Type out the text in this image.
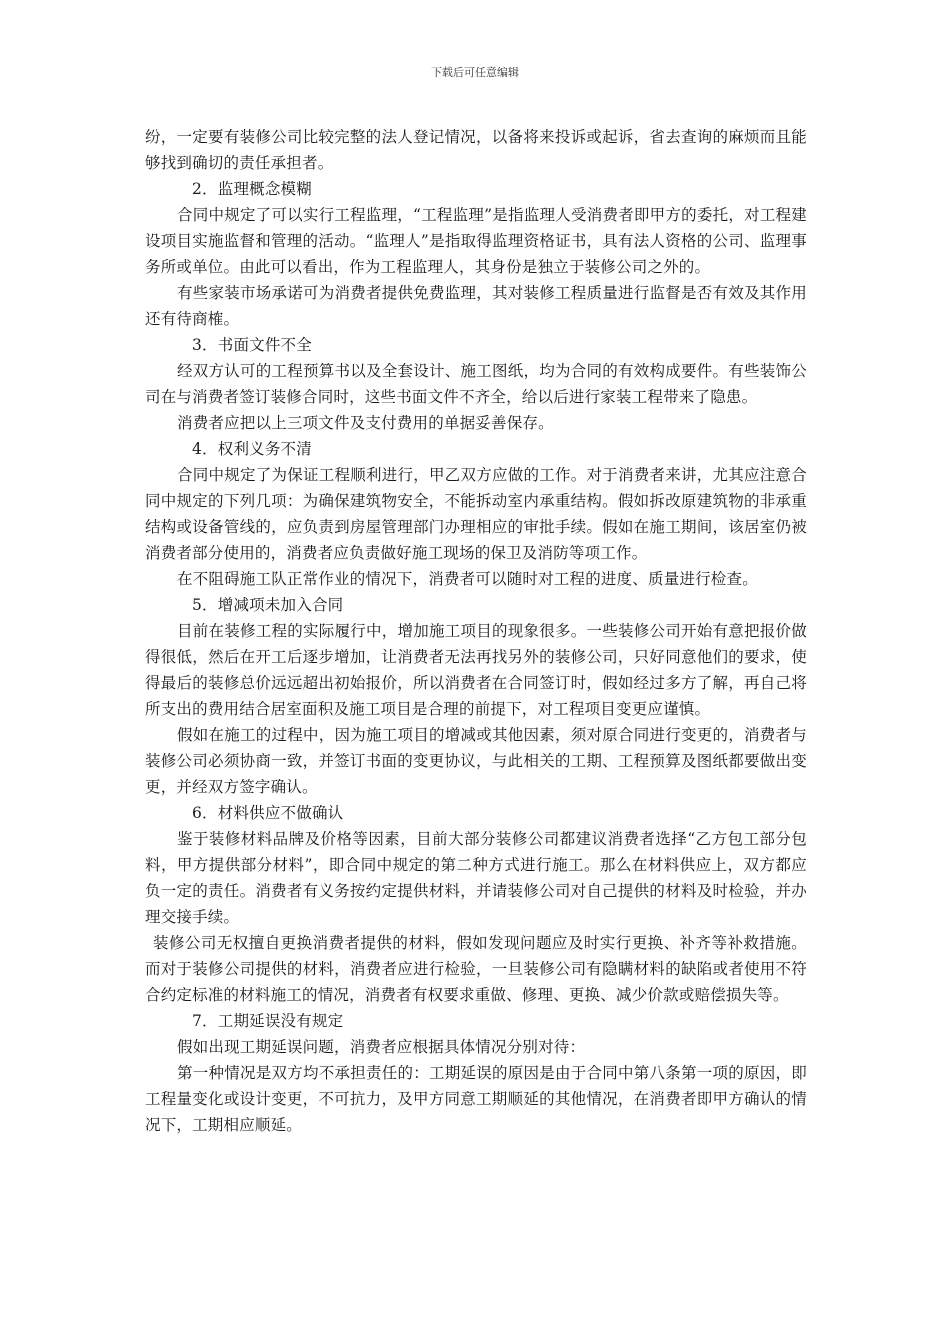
下载后可任意编辑

纷，一定要有装修公司比较完整的法人登记情况，以备将来投诉或起诉，省去查询的麻烦而且能够找到确切的责任承担者。

2．监理概念模糊

合同中规定了可以实行工程监理，“工程监理”是指监理人受消费者即甲方的委托，对工程建设项目实施监督和管理的活动。“监理人”是指取得监理资格证书，具有法人资格的公司、监理事务所或单位。由此可以看出，作为工程监理人，其身份是独立于装修公司之外的。

有些家装市场承诺可为消费者提供免费监理，其对装修工程质量进行监督是否有效及其作用还有待商榷。

3．书面文件不全

经双方认可的工程预算书以及全套设计、施工图纸，均为合同的有效构成要件。有些装饰公司在与消费者签订装修合同时，这些书面文件不齐全，给以后进行家装工程带来了隐患。

消费者应把以上三项文件及支付费用的单据妥善保存。

4．权利义务不清

合同中规定了为保证工程顺利进行，甲乙双方应做的工作。对于消费者来讲，尤其应注意合同中规定的下列几项：为确保建筑物安全，不能拆动室内承重结构。假如拆改原建筑物的非承重结构或设备管线的，应负责到房屋管理部门办理相应的审批手续。假如在施工期间，该居室仍被消费者部分使用的，消费者应负责做好施工现场的保卫及消防等项工作。

在不阻碍施工队正常作业的情况下，消费者可以随时对工程的进度、质量进行检查。

5．增减项未加入合同

目前在装修工程的实际履行中，增加施工项目的现象很多。一些装修公司开始有意把报价做得很低，然后在开工后逐步增加，让消费者无法再找另外的装修公司，只好同意他们的要求，使得最后的装修总价远远超出初始报价，所以消费者在合同签订时，假如经过多方了解，再自己将所支出的费用结合居室面积及施工项目是合理的前提下，对工程项目变更应谨慎。

假如在施工的过程中，因为施工项目的增减或其他因素，须对原合同进行变更的，消费者与装修公司必须协商一致，并签订书面的变更协议，与此相关的工期、工程预算及图纸都要做出变更，并经双方签字确认。

6．材料供应不做确认

鉴于装修材料品牌及价格等因素，目前大部分装修公司都建议消费者选择“乙方包工部分包料，甲方提供部分材料”，即合同中规定的第二种方式进行施工。那么在材料供应上，双方都应负一定的责任。消费者有义务按约定提供材料，并请装修公司对自己提供的材料及时检验，并办理交接手续。

装修公司无权擅自更换消费者提供的材料，假如发现问题应及时实行更换、补齐等补救措施。而对于装修公司提供的材料，消费者应进行检验，一旦装修公司有隐瞒材料的缺陷或者使用不符合约定标准的材料施工的情况，消费者有权要求重做、修理、更换、减少价款或赔偿损失等。

7．工期延误没有规定

假如出现工期延误问题，消费者应根据具体情况分别对待：

第一种情况是双方均不承担责任的：工期延误的原因是由于合同中第八条第一项的原因，即工程量变化或设计变更，不可抗力，及甲方同意工期顺延的其他情况，在消费者即甲方确认的情况下，工期相应顺延。
